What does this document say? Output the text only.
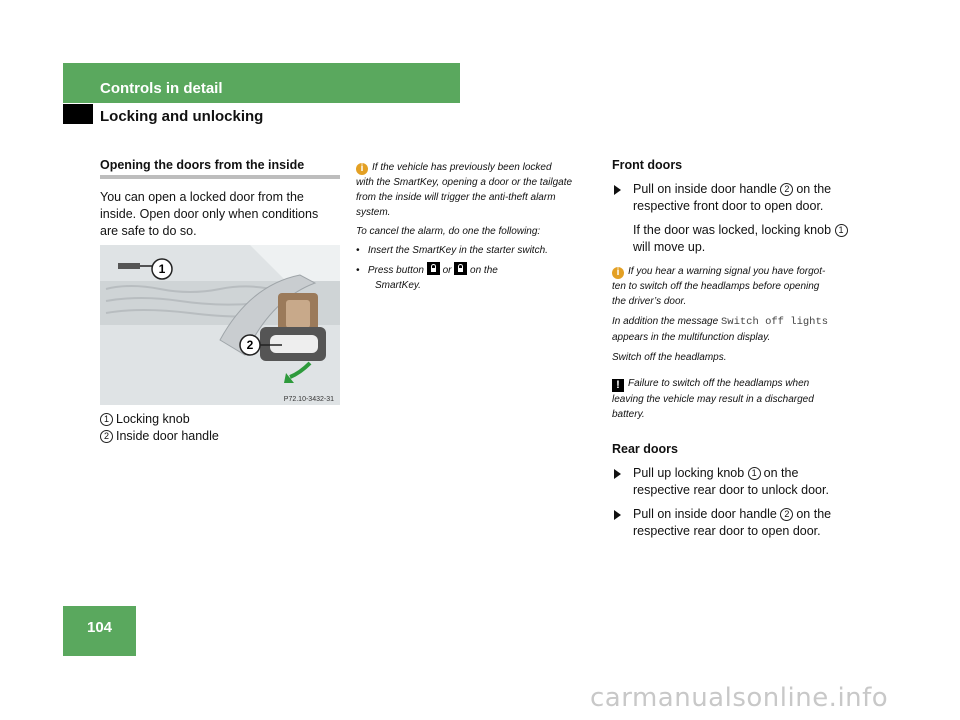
Controls in detail
Locking and unlocking
Opening the doors from the inside
You can open a locked door from the
inside. Open door only when conditions
are safe to do so.
1
2
P72.10-3432-31
1 Locking knob
2 Inside door handle
i If the vehicle has previously been locked
with the SmartKey, opening a door or the tailgate
from the inside will trigger the anti-theft alarm
system.
To cancel the alarm, do one the following:
•   Insert the SmartKey in the starter switch.
•   Press button or on the
SmartKey.
Front doors
Pull on inside door handle 2 on the
respective front door to open door.
If the door was locked, locking knob 1
will move up.
i If you hear a warning signal you have forgot-
ten to switch off the headlamps before opening
the driver’s door.
In addition the message Switch off lights
appears in the multifunction display.
Switch off the headlamps.
! Failure to switch off the headlamps when
leaving the vehicle may result in a discharged
battery.
Rear doors
Pull up locking knob 1 on the
respective rear door to unlock door.
Pull on inside door handle 2 on the
respective rear door to open door.
104
carmanualsonline.info
